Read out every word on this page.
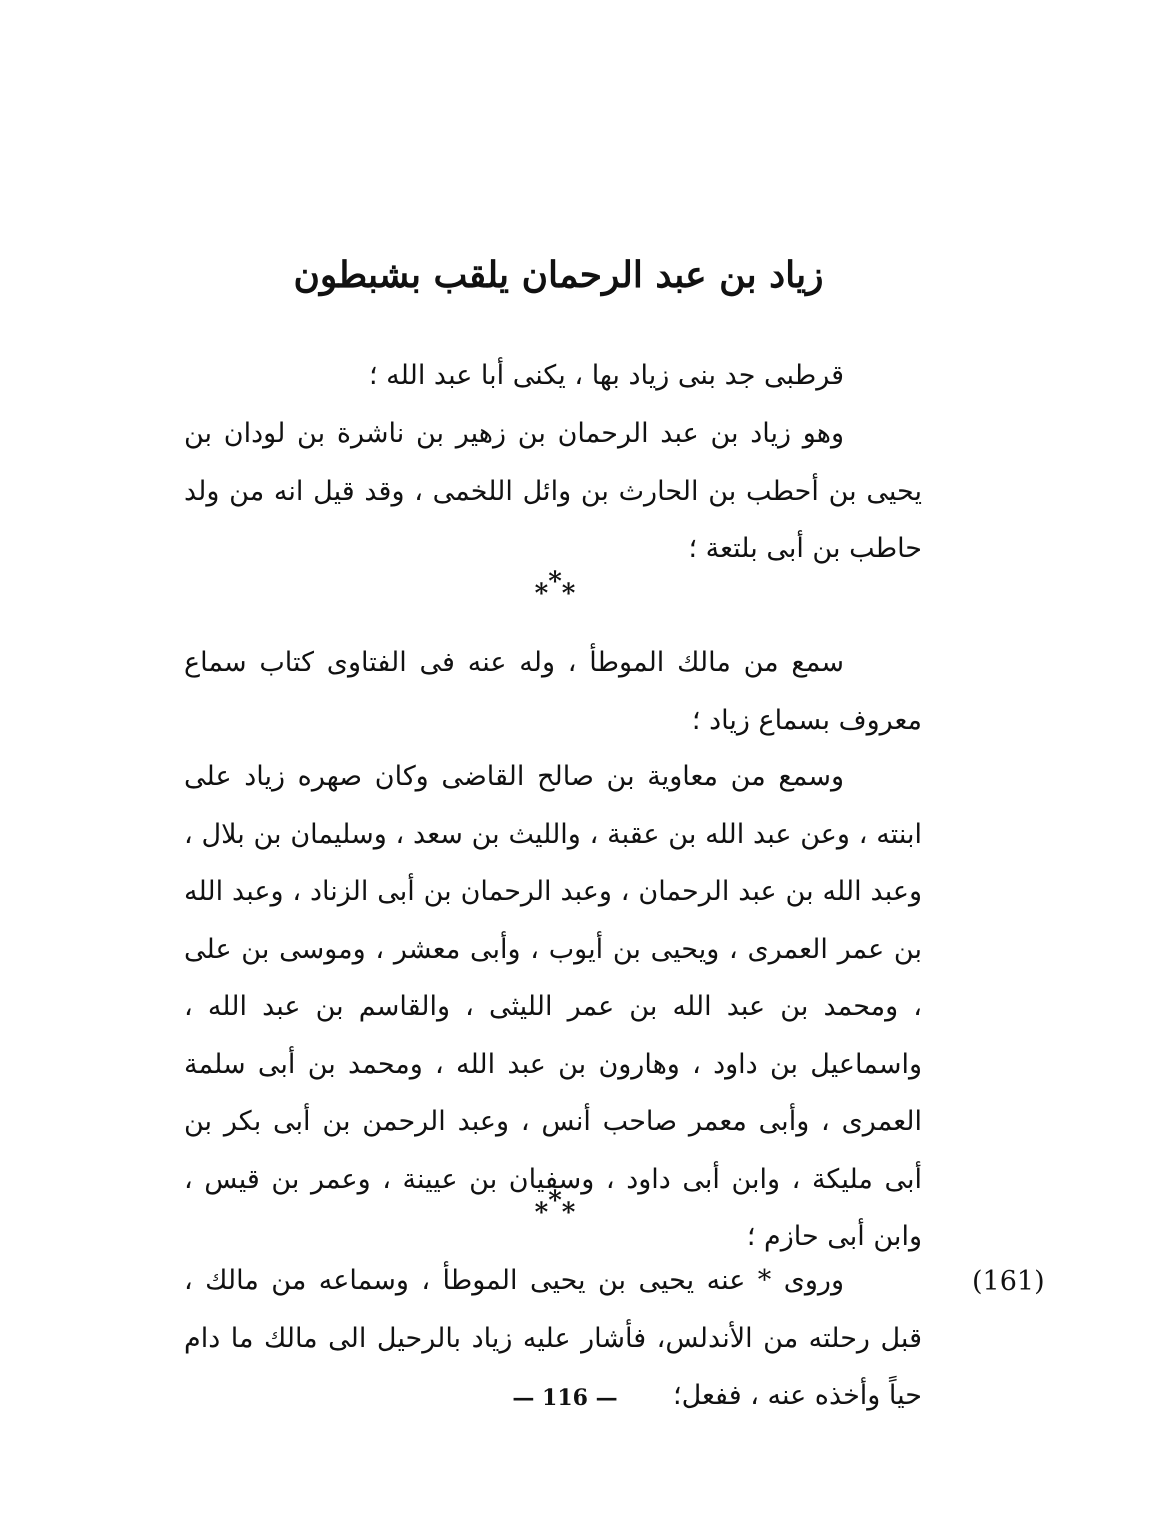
زياد بن عبد الرحمان يلقب بشبطون
قرطبى جد بنى زياد بها ، يكنى أبا عبد الله ؛
وهو زياد بن عبد الرحمان بن زهير بن ناشرة بن لودان بن يحيى بن أحطب بن الحارث بن وائل اللخمى ، وقد قيل انه من ولد حاطب بن أبى بلتعة ؛
***
سمع من مالك الموطأ ، وله عنه فى الفتاوى كتاب سماع معروف بسماع زياد ؛
وسمع من معاوية بن صالح القاضى وكان صهره زياد على ابنته ، وعن عبد الله بن عقبة ، والليث بن سعد ، وسليمان بن بلال ، وعبد الله بن عبد الرحمان ، وعبد الرحمان بن أبى الزناد ، وعبد الله بن عمر العمرى ، ويحيى بن أيوب ، وأبى معشر ، وموسى بن على ، ومحمد بن عبد الله بن عمر الليثى ، والقاسم بن عبد الله ، واسماعيل بن داود ، وهارون بن عبد الله ، ومحمد بن أبى سلمة العمرى ، وأبى معمر صاحب أنس ، وعبد الرحمن بن أبى بكر بن أبى مليكة ، وابن أبى داود ، وسفيان بن عيينة ، وعمر بن قيس ، وابن أبى حازم ؛
***
(161)
وروى * عنه يحيى بن يحيى الموطأ ، وسماعه من مالك ، قبل رحلته من الأندلس، فأشار عليه زياد بالرحيل الى مالك ما دام حياً وأخذه عنه ، ففعل؛
— 116 —
